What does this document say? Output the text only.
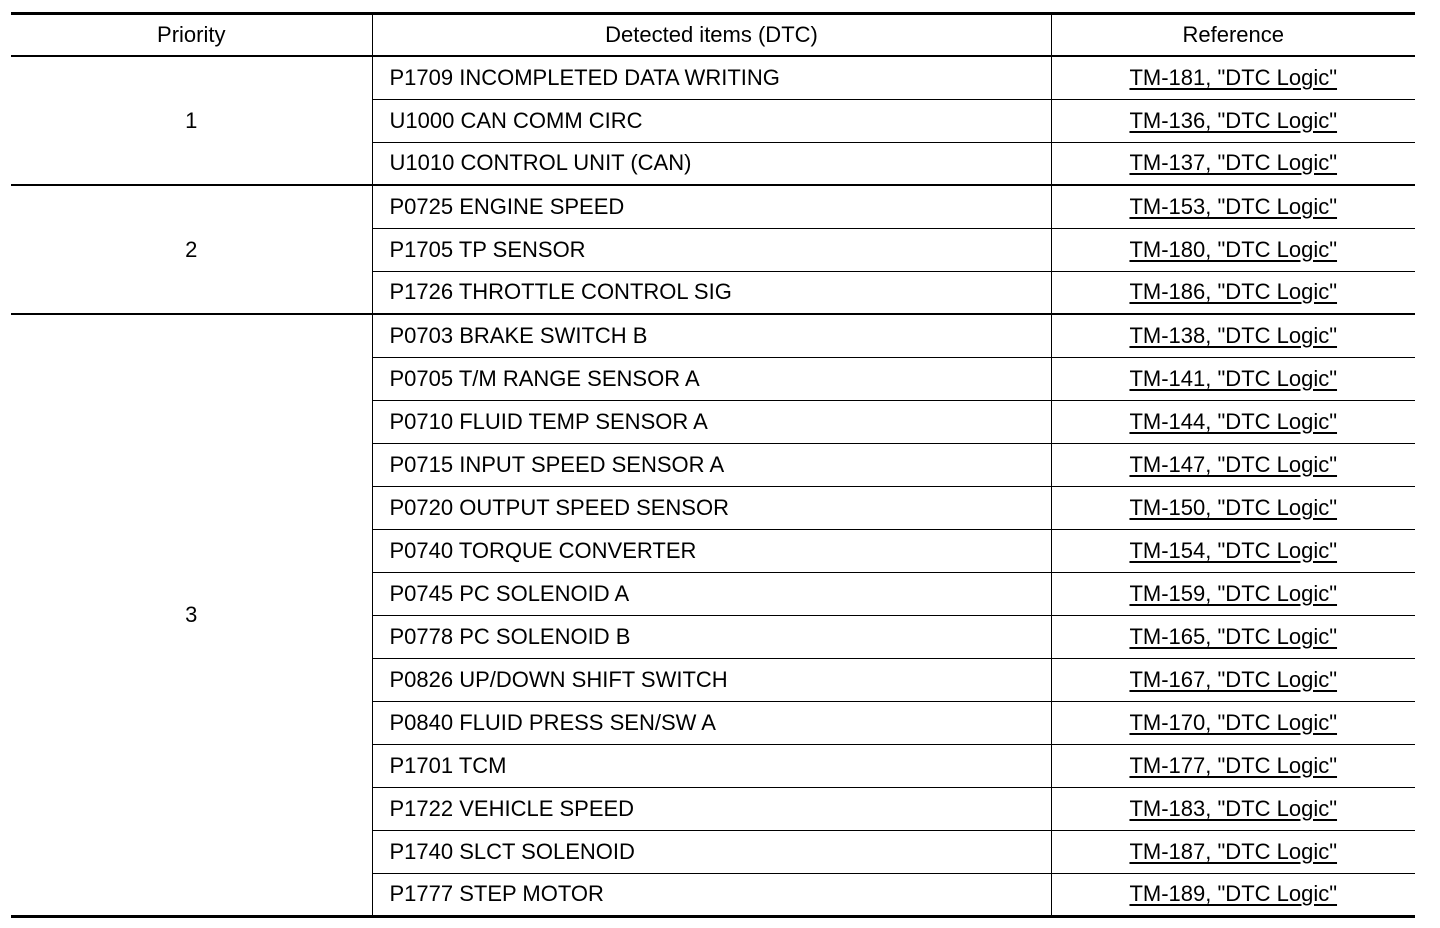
Priority	Detected items (DTC)	Reference
1	P1709 INCOMPLETED DATA WRITING	TM-181, "DTC Logic"
	U1000 CAN COMM CIRC	TM-136, "DTC Logic"
	U1010 CONTROL UNIT (CAN)	TM-137, "DTC Logic"
2	P0725 ENGINE SPEED	TM-153, "DTC Logic"
	P1705 TP SENSOR	TM-180, "DTC Logic"
	P1726 THROTTLE CONTROL SIG	TM-186, "DTC Logic"
3	P0703 BRAKE SWITCH B	TM-138, "DTC Logic"
	P0705 T/M RANGE SENSOR A	TM-141, "DTC Logic"
	P0710 FLUID TEMP SENSOR A	TM-144, "DTC Logic"
	P0715 INPUT SPEED SENSOR A	TM-147, "DTC Logic"
	P0720 OUTPUT SPEED SENSOR	TM-150, "DTC Logic"
	P0740 TORQUE CONVERTER	TM-154, "DTC Logic"
	P0745 PC SOLENOID A	TM-159, "DTC Logic"
	P0778 PC SOLENOID B	TM-165, "DTC Logic"
	P0826 UP/DOWN SHIFT SWITCH	TM-167, "DTC Logic"
	P0840 FLUID PRESS SEN/SW A	TM-170, "DTC Logic"
	P1701 TCM	TM-177, "DTC Logic"
	P1722 VEHICLE SPEED	TM-183, "DTC Logic"
	P1740 SLCT SOLENOID	TM-187, "DTC Logic"
	P1777 STEP MOTOR	TM-189, "DTC Logic"
